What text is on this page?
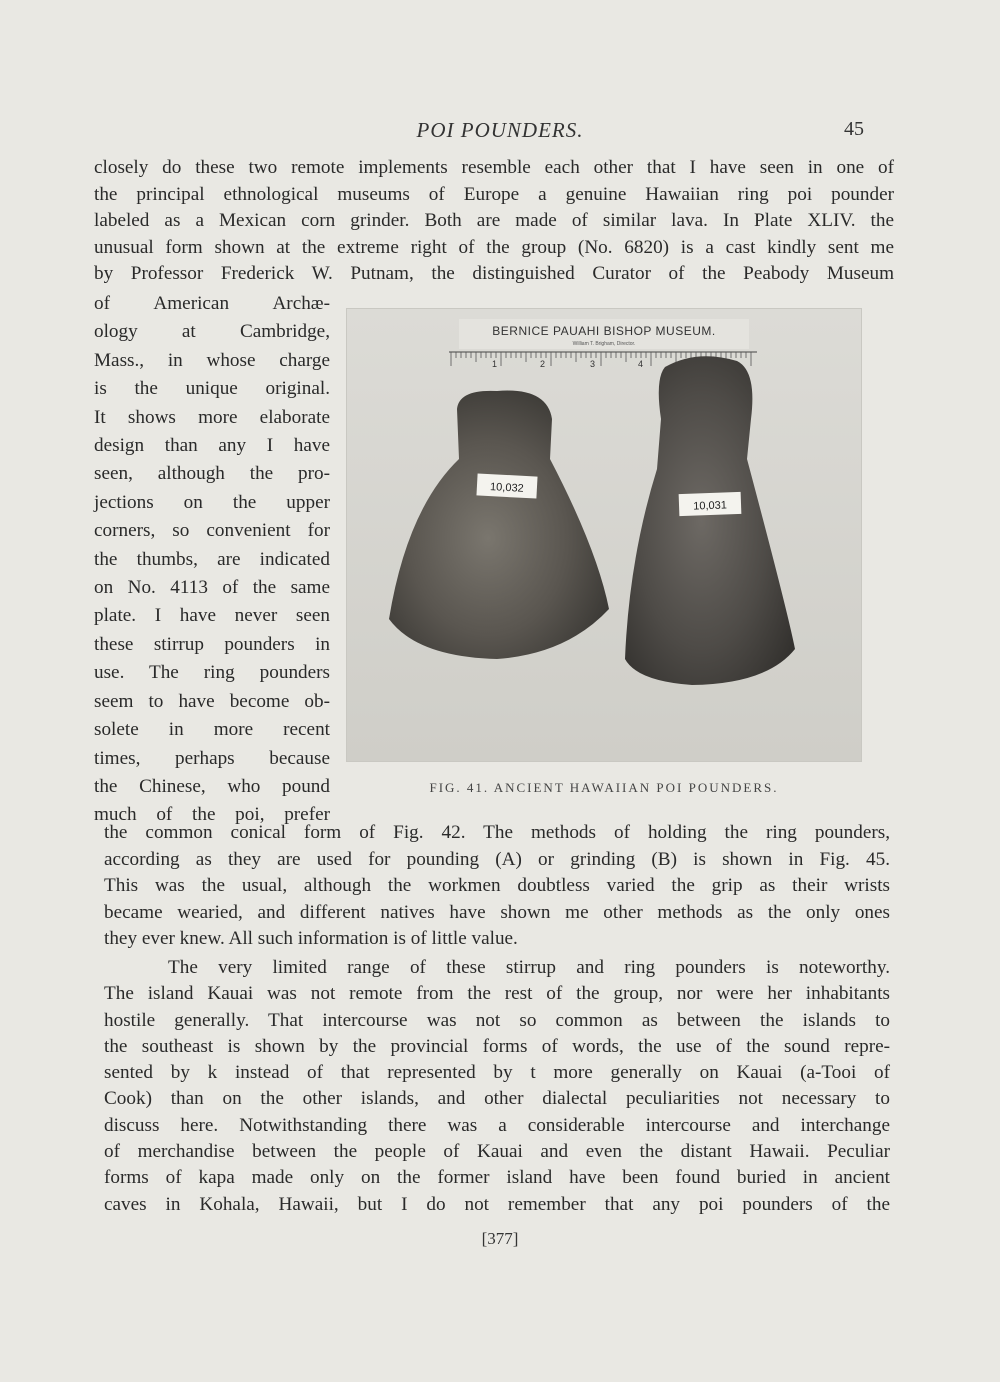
POI POUNDERS.	45
closely do these two remote implements resemble each other that I have seen in one of
the principal ethnological museums of Europe a genuine Hawaiian ring poi pounder
labeled as a Mexican corn grinder. Both are made of similar lava. In Plate XLIV. the
unusual form shown at the extreme right of the group (No. 6820) is a cast kindly sent me
by Professor Frederick W. Putnam, the distinguished Curator of the Peabody Museum
of American Archæ-
ology at Cambridge,
Mass., in whose charge
is the unique original.
It shows more elaborate
design than any I have
seen, although the pro-
jections on the upper
corners, so convenient for
the thumbs, are indicated
on No. 4113 of the same
plate. I have never seen
these stirrup pounders in
use. The ring pounders
seem to have become ob-
solete in more recent
times, perhaps because
the Chinese, who pound
much of the poi, prefer
BERNICE PAUAHI BISHOP MUSEUM.
William T. Brigham, Director.
1	2	3	4
10,032
10,031
FIG. 41. ANCIENT HAWAIIAN POI POUNDERS.
the common conical form of Fig. 42. The methods of holding the ring pounders,
according as they are used for pounding (A) or grinding (B) is shown in Fig. 45.
This was the usual, although the workmen doubtless varied the grip as their wrists
became wearied, and different natives have shown me other methods as the only ones
they ever knew. All such information is of little value.
The very limited range of these stirrup and ring pounders is noteworthy.
The island Kauai was not remote from the rest of the group, nor were her inhabitants
hostile generally. That intercourse was not so common as between the islands to
the southeast is shown by the provincial forms of words, the use of the sound repre-
sented by k instead of that represented by t more generally on Kauai (a-Tooi of
Cook) than on the other islands, and other dialectal peculiarities not necessary to
discuss here. Notwithstanding there was a considerable intercourse and interchange
of merchandise between the people of Kauai and even the distant Hawaii. Peculiar
forms of kapa made only on the former island have been found buried in ancient
caves in Kohala, Hawaii, but I do not remember that any poi pounders of the
[377]
